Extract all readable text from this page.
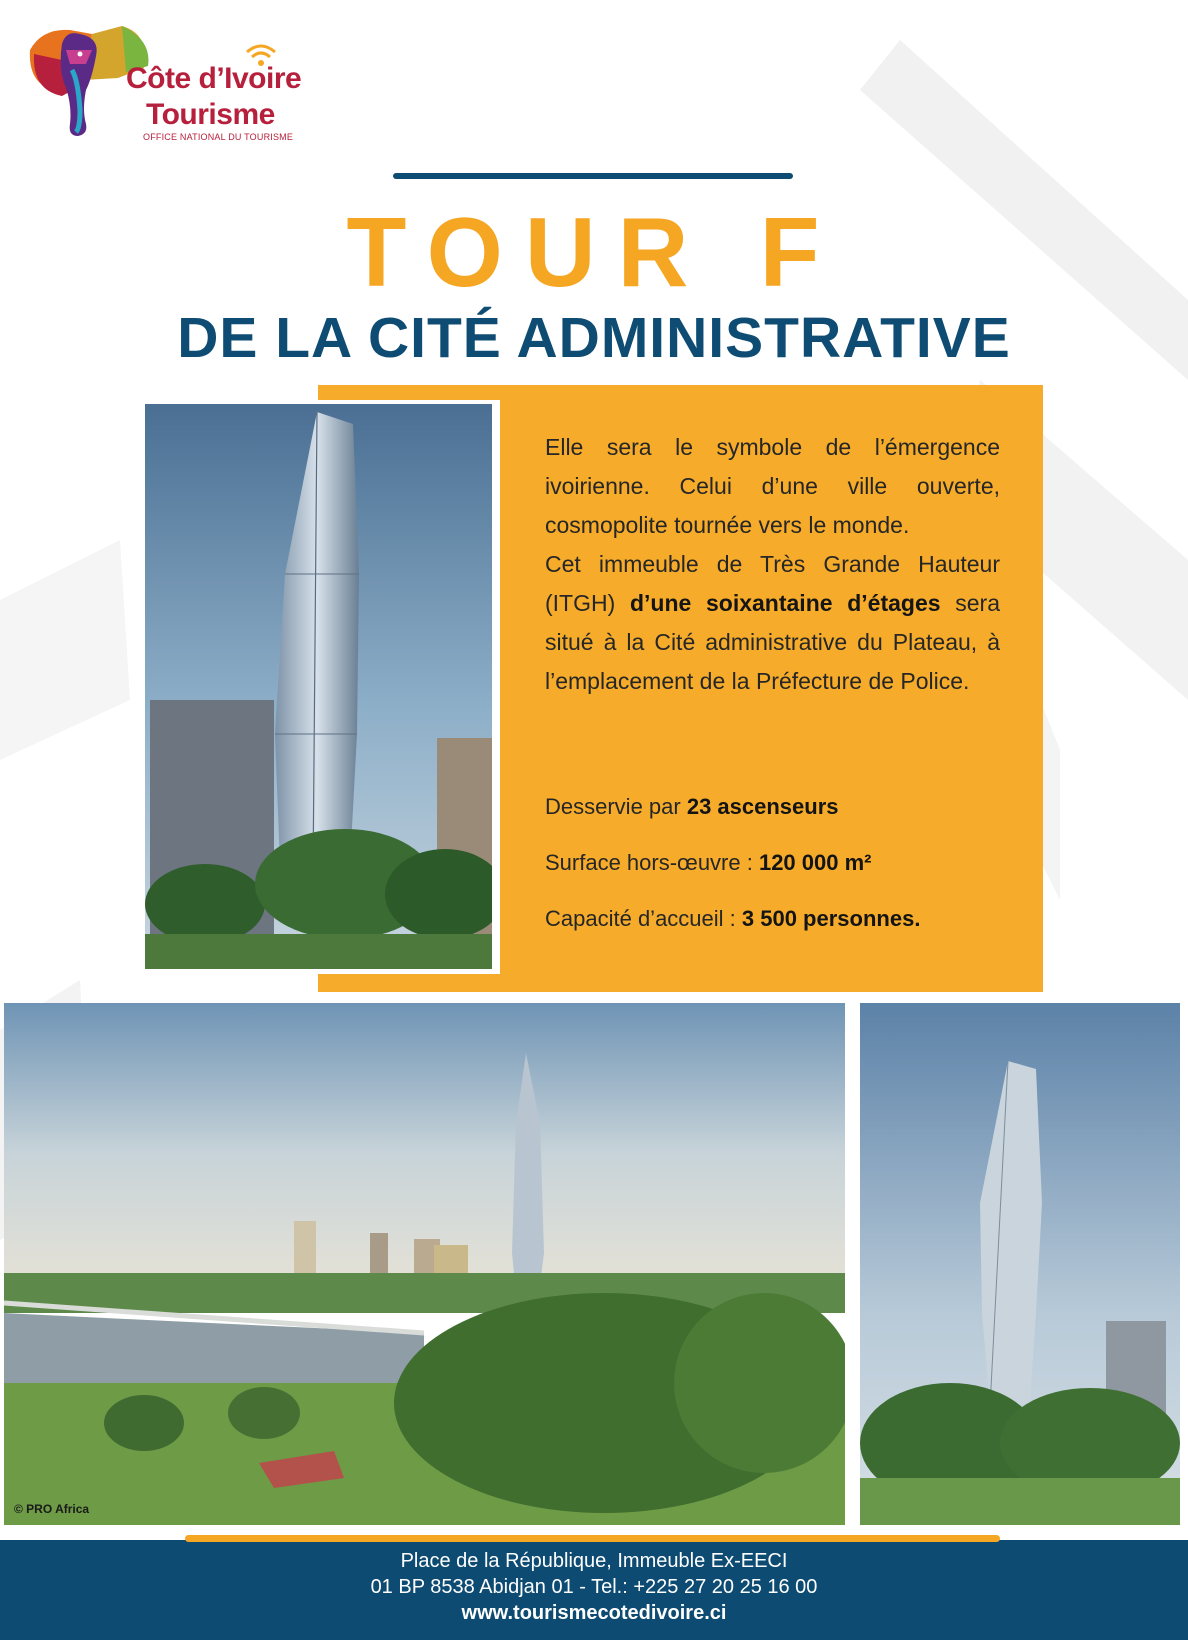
Côte d’Ivoire
Tourisme
OFFICE NATIONAL DU TOURISME
TOUR F
DE LA CITÉ ADMINISTRATIVE

Elle sera le symbole de l’émergence ivoirienne. Celui d’une ville ouverte, cosmopolite tournée vers le monde.

Cet immeuble de Très Grande Hauteur (ITGH) d’une soixantaine d’étages sera situé à la Cité administrative du Plateau, à l’emplacement de la Préfecture de Police.

Desservie par 23 ascenseurs
Surface hors-œuvre : 120 000 m²
Capacité d’accueil : 3 500 personnes.
© PRO Africa
Place de la République, Immeuble Ex-EECI
01 BP 8538 Abidjan 01 - Tel.: +225 27 20 25 16 00
www.tourismecotedivoire.ci
